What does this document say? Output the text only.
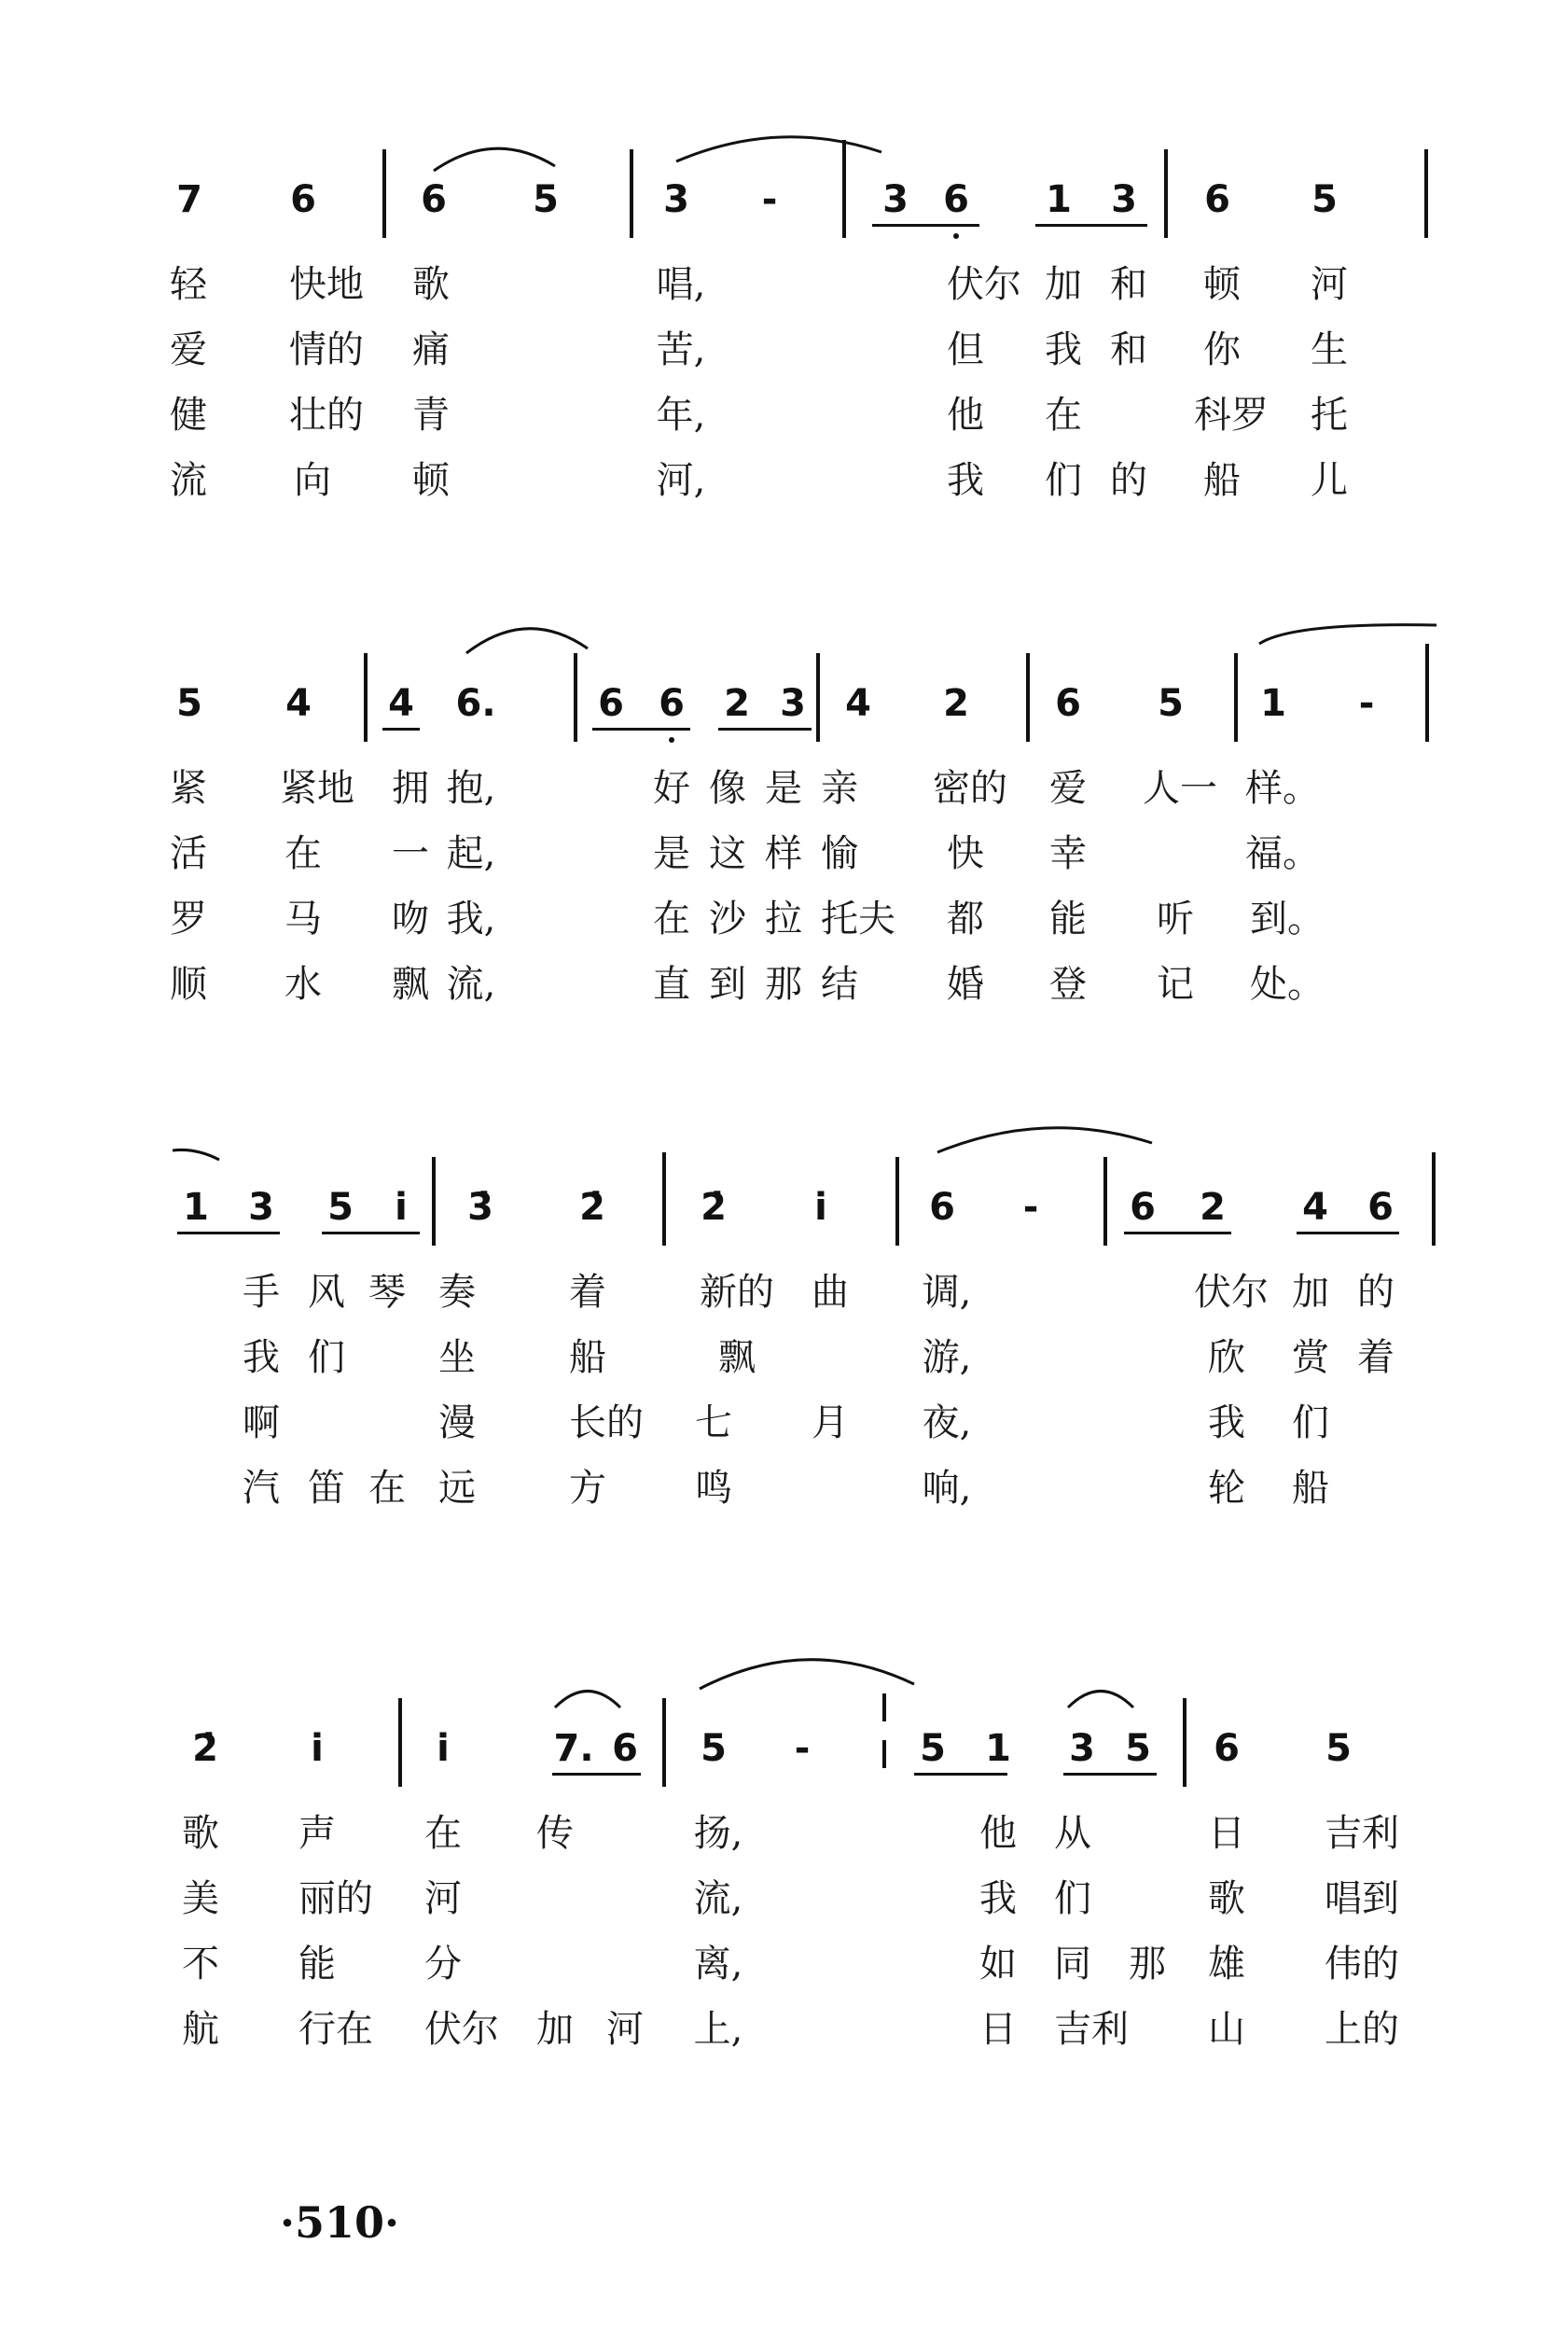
7 6	6 5	3	-	3 6 1 3 6 5
轻 快地 歌	唱,	伏尔 加 和 顿 河
爱 情的 痛	苦,	但 我 和 你 生
健 壮的 青	年,	他 在	科罗 托
流 向 顿	河,	我 们 的 船 儿
5 4 4 6.	6 6 2 3 4 2 6 5 1	-
紧 紧地 拥 抱,	好 像 是 亲 密的 爱 人一 样。
活 在 一 起,	是 这 样 愉 快 幸	福。
罗 马 吻 我,	在 沙 拉 托夫 都 能 听 到。
顺 水 飘 流,	直 到 那 结 婚 登 记 处。
1 3 5	i	3̇ 2̇	2̇	i	6	-	6 2 4 6
手 风 琴 奏	着	新的 曲 调,	伏尔 加 的
我 们	坐	船	飘	游,	欣 赏 着
啊	漫	长的 七 月 夜,	我 们
汽 笛 在 远	方 鸣	响,	轮 船
2̇	i	i	7. 6 5	-	5 1 3 5 6 5
歌 声 在 传	扬,	他 从	日 吉利
美 丽的 河	流,	我 们	歌 唱到
不 能 分	离,	如 同 那 雄 伟的
航 行在 伏尔 加 河 上,	日 吉利 山 上的
·510·
